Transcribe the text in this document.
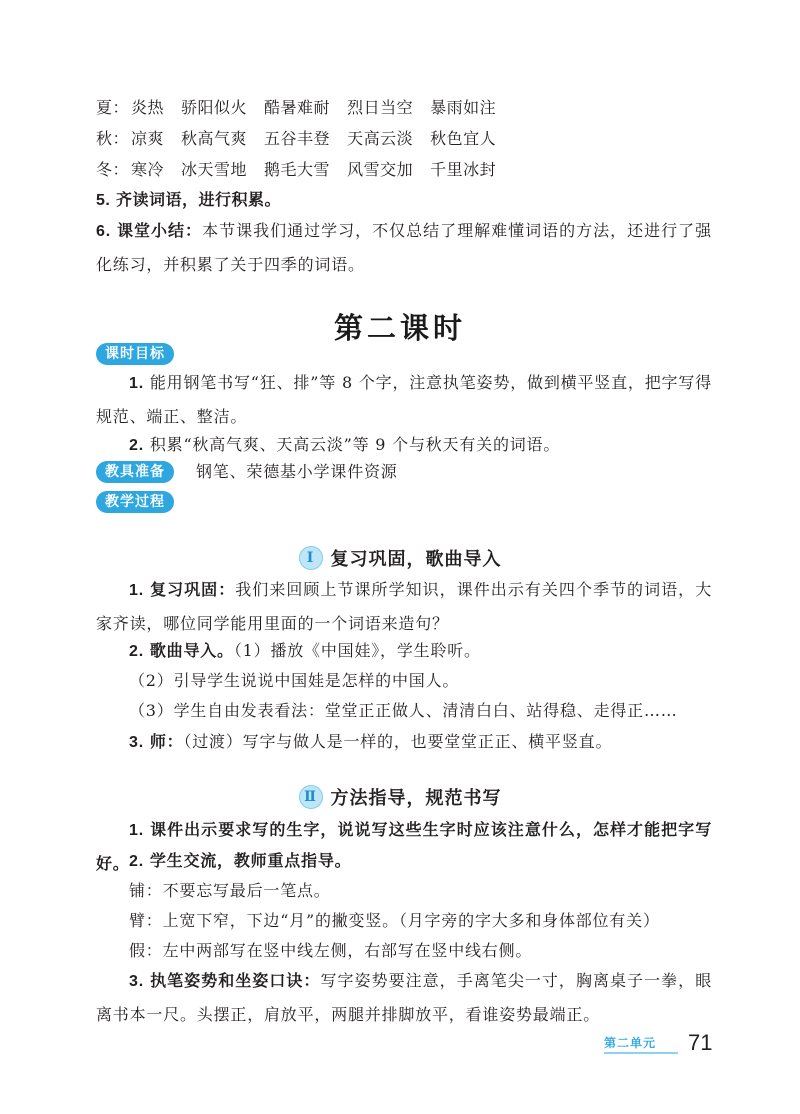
夏： 炎热 骄阳似火 酷暑难耐 烈日当空 暴雨如注
秋： 凉爽 秋高气爽 五谷丰登 天高云淡 秋色宜人
冬： 寒冷 冰天雪地 鹅毛大雪 风雪交加 千里冰封
5. 齐读词语，进行积累。
6. 课堂小结：本节课我们通过学习，不仅总结了理解难懂词语的方法，还进行了强化练习，并积累了关于四季的词语。
第二课时
课时目标
1. 能用钢笔书写“狂、排”等 8 个字，注意执笔姿势，做到横平竖直，把字写得规范、端正、整洁。
2. 积累“秋高气爽、天高云淡”等 9 个与秋天有关的词语。
教具准备	钢笔、荣德基小学课件资源
教学过程
Ⅰ 复习巩固，歌曲导入
1. 复习巩固：我们来回顾上节课所学知识，课件出示有关四个季节的词语，大家齐读，哪位同学能用里面的一个词语来造句？
2. 歌曲导入。（1）播放《中国娃》，学生聆听。
（2）引导学生说说中国娃是怎样的中国人。
（3）学生自由发表看法：堂堂正正做人、清清白白、站得稳、走得正……
3. 师：（过渡）写字与做人是一样的，也要堂堂正正、横平竖直。
Ⅱ 方法指导，规范书写
1. 课件出示要求写的生字，说说写这些生字时应该注意什么，怎样才能把字写好。 2. 学生交流，教师重点指导。
铺：不要忘写最后一笔点。
臂：上宽下窄，下边“月”的撇变竖。（月字旁的字大多和身体部位有关）
假：左中两部写在竖中线左侧，右部写在竖中线右侧。
3. 执笔姿势和坐姿口诀：写字姿势要注意，手离笔尖一寸，胸离桌子一拳，眼离书本一尺。头摆正，肩放平，两腿并排脚放平，看谁姿势最端正。
第二单元 71
